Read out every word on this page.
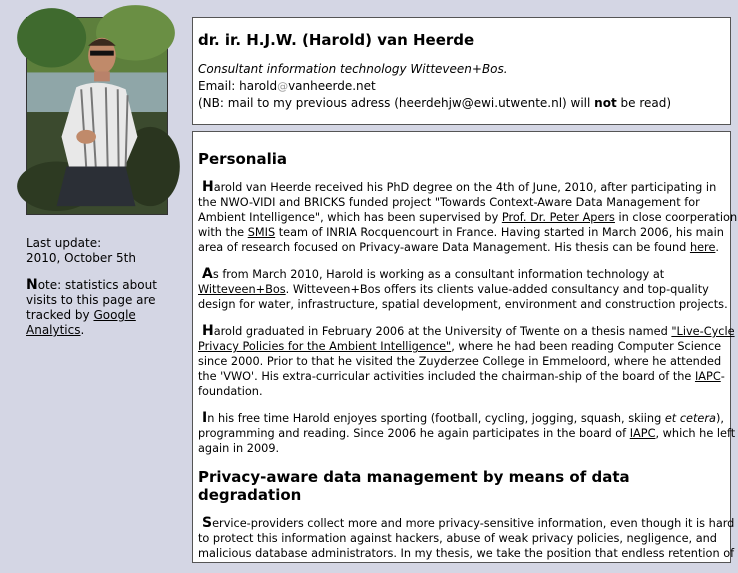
Last update:
2010, October 5th
Note: statistics about visits to this page are tracked by Google Analytics.
dr. ir. H.J.W. (Harold) van Heerde
Consultant information technology Witteveen+Bos.
Email: harold@vanheerde.net
(NB: mail to my previous adress (heerdehjw@ewi.utwente.nl) will not be read)
Personalia

Harold van Heerde received his PhD degree on the 4th of June, 2010, after participating in the NWO-VIDI and BRICKS funded project "Towards Context-Aware Data Management for Ambient Intelligence", which has been supervised by Prof. Dr. Peter Apers in close coorperation with the SMIS team of INRIA Rocquencourt in France. Having started in March 2006, his main area of research focused on Privacy-aware Data Management. His thesis can be found here.

As from March 2010, Harold is working as a consultant information technology at Witteveen+Bos. Witteveen+Bos offers its clients value-added consultancy and top-quality design for water, infrastructure, spatial development, environment and construction projects.

Harold graduated in February 2006 at the University of Twente on a thesis named "Live-Cycle Privacy Policies for the Ambient Intelligence", where he had been reading Computer Science since 2000. Prior to that he visited the Zuyderzee College in Emmeloord, where he attended the 'VWO'. His extra-curricular activities included the chairman-ship of the board of the IAPC-foundation.

In his free time Harold enjoyes sporting (football, cycling, jogging, squash, skiing et cetera), programming and reading. Since 2006 he again participates in the board of IAPC, which he left again in 2009.

Privacy-aware data management by means of data degradation

Service-providers collect more and more privacy-sensitive information, even though it is hard to protect this information against hackers, abuse of weak privacy policies, negligence, and malicious database administrators. In my thesis, we take the position that endless retention of
